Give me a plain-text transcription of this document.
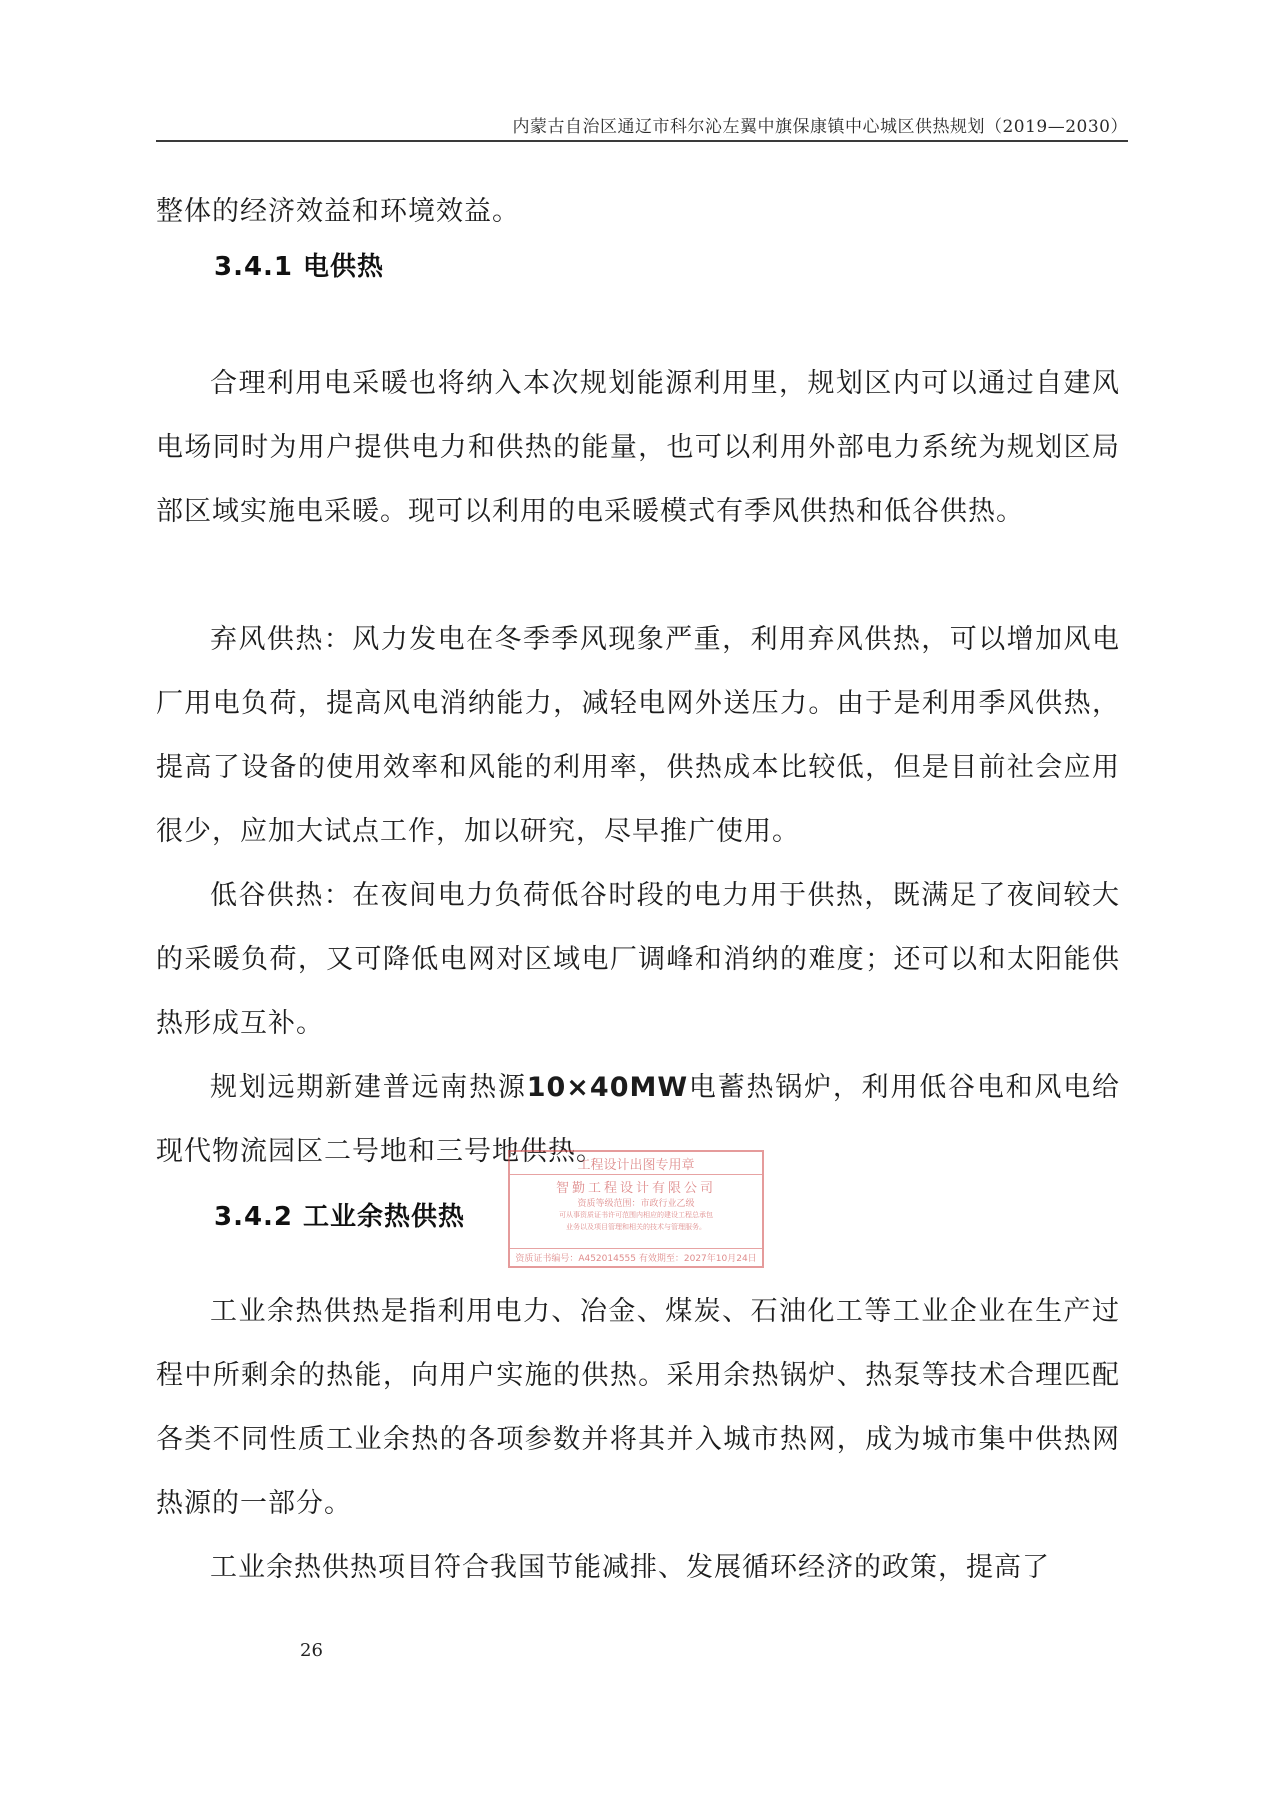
内蒙古自治区通辽市科尔沁左翼中旗保康镇中心城区供热规划（2019—2030）

整体的经济效益和环境效益。

3.4.1 电供热

合理利用电采暖也将纳入本次规划能源利用里，规划区内可以通过自建风电场同时为用户提供电力和供热的能量，也可以利用外部电力系统为规划区局部区域实施电采暖。现可以利用的电采暖模式有季风供热和低谷供热。

弃风供热：风力发电在冬季季风现象严重，利用弃风供热，可以增加风电厂用电负荷，提高风电消纳能力，减轻电网外送压力。由于是利用季风供热，提高了设备的使用效率和风能的利用率，供热成本比较低，但是目前社会应用很少，应加大试点工作，加以研究，尽早推广使用。

低谷供热：在夜间电力负荷低谷时段的电力用于供热，既满足了夜间较大的采暖负荷，又可降低电网对区域电厂调峰和消纳的难度；还可以和太阳能供热形成互补。

规划远期新建普远南热源10×40MW电蓄热锅炉，利用低谷电和风电给现代物流园区二号地和三号地供热。

3.4.2 工业余热供热

工业余热供热是指利用电力、冶金、煤炭、石油化工等工业企业在生产过程中所剩余的热能，向用户实施的供热。采用余热锅炉、热泵等技术合理匹配各类不同性质工业余热的各项参数并将其并入城市热网，成为城市集中供热网热源的一部分。

工业余热供热项目符合我国节能减排、发展循环经济的政策，提高了

工程设计出图专用章
智勤工程设计有限公司
资质等级范围：市政行业乙级
可从事资质证书许可范围内相应的建设工程总承包
业务以及项目管理和相关的技术与管理服务。
资质证书编号：A452014555 有效期至：2027年10月24日
26
